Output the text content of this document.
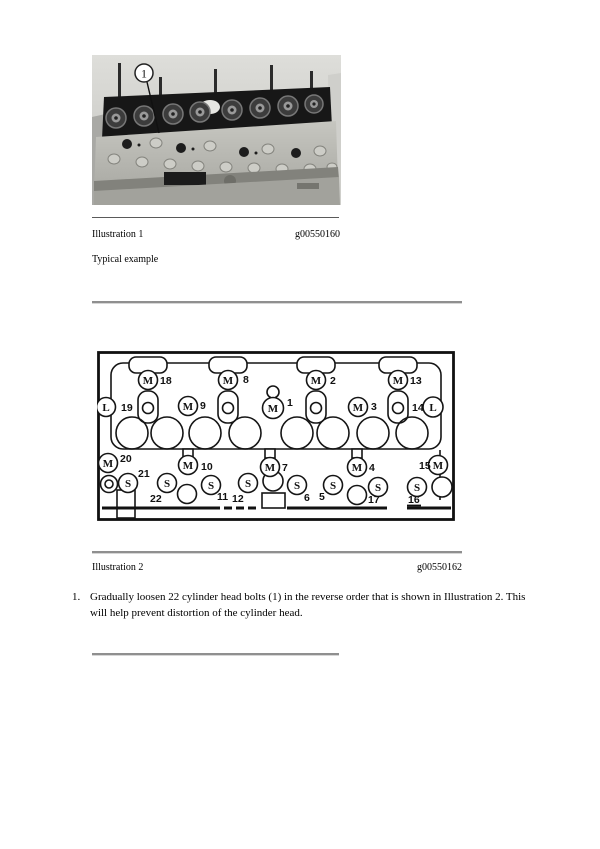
1
Illustration 1	g00550160
Typical example
M 18	M 8	M 2	M 13
L 19	M 9	M 1	M 3	L
14
M 20
M 10	M 7	M 4	M
15
S
21
S
22
S
11
S
12
S
6
S
5
S
17
S
16
Illustration 2	g00550162
1. Gradually loosen 22 cylinder head bolts (1) in the reverse order that is shown in Illustration 2. This will help prevent distortion of the cylinder head.
